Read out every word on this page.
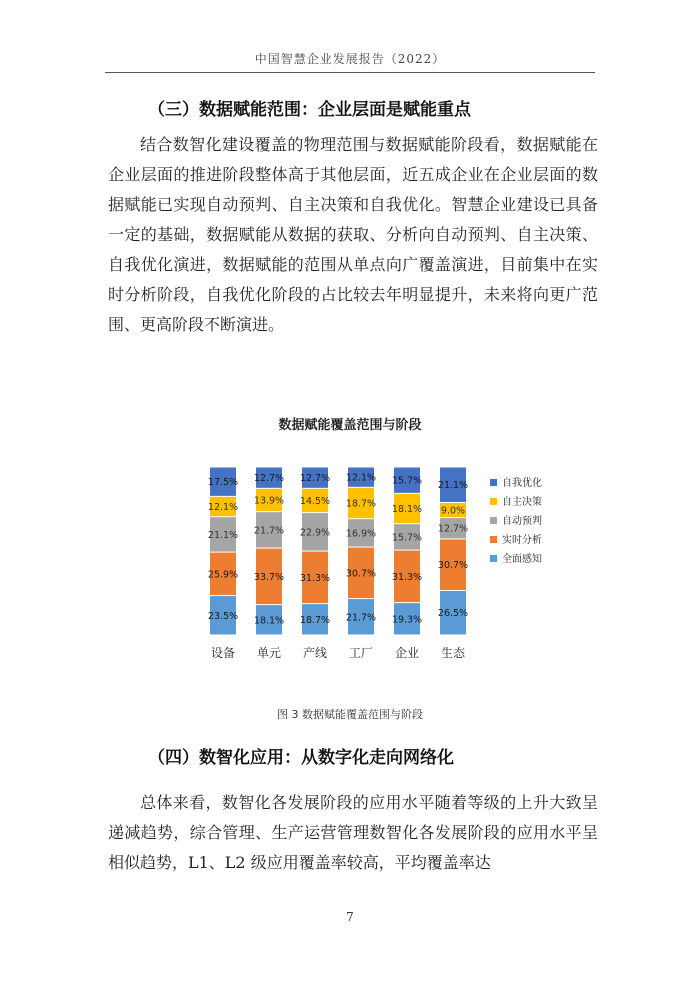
中国智慧企业发展报告（2022）
（三）数据赋能范围：企业层面是赋能重点
结合数智化建设覆盖的物理范围与数据赋能阶段看，数据赋能在企业层面的推进阶段整体高于其他层面，近五成企业在企业层面的数据赋能已实现自动预判、自主决策和自我优化。智慧企业建设已具备一定的基础，数据赋能从数据的获取、分析向自动预判、自主决策、自我优化演进，数据赋能的范围从单点向广覆盖演进，目前集中在实时分析阶段，自我优化阶段的占比较去年明显提升，未来将向更广范围、更高阶段不断演进。
数据赋能覆盖范围与阶段
23.5%
25.9%
21.1%
12.1%
17.5%
设备
18.1%
33.7%
21.7%
13.9%
12.7%
单元
18.7%
31.3%
22.9%
14.5%
12.7%
产线
21.7%
30.7%
16.9%
18.7%
12.1%
工厂
19.3%
31.3%
15.7%
18.1%
15.7%
企业
26.5%
30.7%
12.7%
9.0%
21.1%
生态
自我优化
自主决策
自动预判
实时分析
全面感知
图 3 数据赋能覆盖范围与阶段
（四）数智化应用：从数字化走向网络化
总体来看，数智化各发展阶段的应用水平随着等级的上升大致呈递减趋势，综合管理、生产运营管理数智化各发展阶段的应用水平呈相似趋势，L1、L2 级应用覆盖率较高，平均覆盖率达
7
